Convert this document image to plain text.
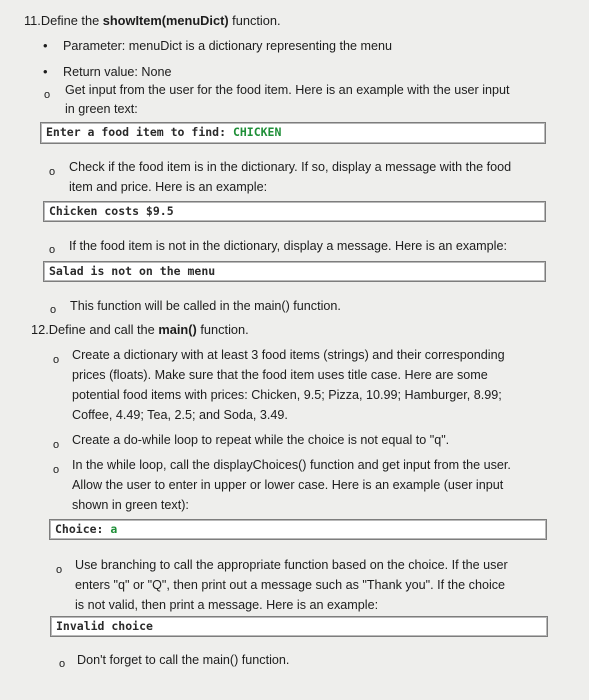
11.Define the showItem(menuDict) function.
• Parameter: menuDict is a dictionary representing the menu
• Return value: None
o Get input from the user for the food item. Here is an example with the user input
in green text:
Enter a food item to find: CHICKEN
o Check if the food item is in the dictionary. If so, display a message with the food
item and price. Here is an example:
Chicken costs $9.5
o If the food item is not in the dictionary, display a message. Here is an example:
Salad is not on the menu
o This function will be called in the main() function.
12.Define and call the main() function.
o Create a dictionary with at least 3 food items (strings) and their corresponding
prices (floats). Make sure that the food item uses title case. Here are some
potential food items with prices: Chicken, 9.5; Pizza, 10.99; Hamburger, 8.99;
Coffee, 4.49; Tea, 2.5; and Soda, 3.49.
o Create a do-while loop to repeat while the choice is not equal to "q".
o In the while loop, call the displayChoices() function and get input from the user.
Allow the user to enter in upper or lower case. Here is an example (user input
shown in green text):
Choice: a
o Use branching to call the appropriate function based on the choice. If the user
enters "q" or "Q", then print out a message such as "Thank you". If the choice
is not valid, then print a message. Here is an example:
Invalid choice
o Don't forget to call the main() function.
